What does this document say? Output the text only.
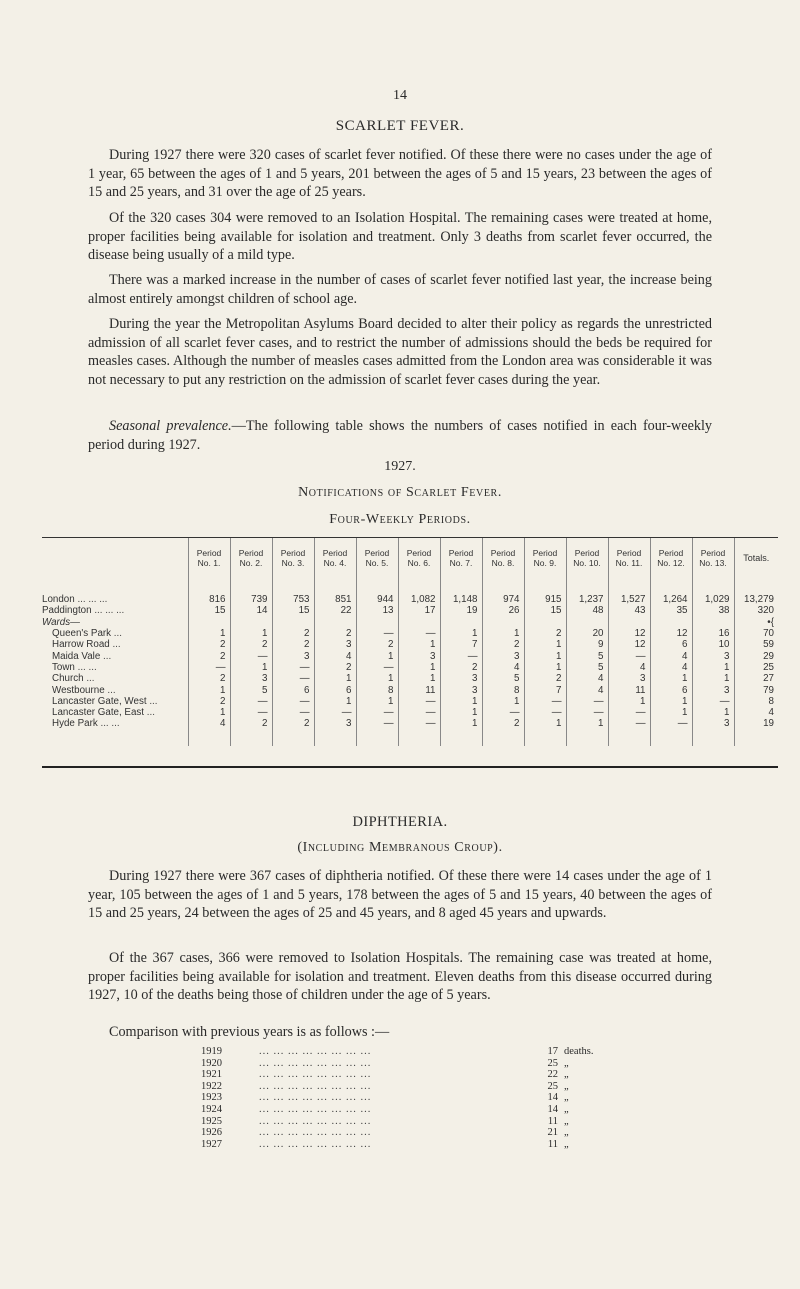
14
SCARLET FEVER.

During 1927 there were 320 cases of scarlet fever notified. Of these there were no cases under the age of 1 year, 65 between the ages of 1 and 5 years, 201 between the ages of 5 and 15 years, 23 between the ages of 15 and 25 years, and 31 over the age of 25 years.

Of the 320 cases 304 were removed to an Isolation Hospital. The remaining cases were treated at home, proper facilities being available for isolation and treatment. Only 3 deaths from scarlet fever occurred, the disease being usually of a mild type.

There was a marked increase in the number of cases of scarlet fever notified last year, the increase being almost entirely amongst children of school age.

During the year the Metropolitan Asylums Board decided to alter their policy as regards the unrestricted admission of all scarlet fever cases, and to restrict the number of admissions should the beds be required for measles cases. Although the number of measles cases admitted from the London area was considerable it was not necessary to put any restriction on the admission of scarlet fever cases during the year.

Seasonal prevalence.—The following table shows the numbers of cases notified in each four-weekly period during 1927.

1927.
Notifications of Scarlet Fever.
Four-Weekly Periods.
	Period No. 1.	Period No. 2.	Period No. 3.	Period No. 4.	Period No. 5.	Period No. 6.	Period No. 7.	Period No. 8.	Period No. 9.	Period No. 10.	Period No. 11.	Period No. 12.	Period No. 13.	Totals.

London ... ... ...	816	739	753	851	944	1,082	1,148	974	915	1,237	1,527	1,264	1,029	13,279
Paddington ... ... ...	15	14	15	22	13	17	19	26	15	48	43	35	38	320
Wards—														•{
Queen's Park ...	1	1	2	2	—	—	1	1	2	20	12	12	16	70
Harrow Road ...	2	2	2	3	2	1	7	2	1	9	12	6	10	59
Maida Vale ...	2	—	3	4	1	3	—	3	1	5	—	4	3	29
Town ... ...	—	1	—	2	—	1	2	4	1	5	4	4	1	25
Church ...	2	3	—	1	1	1	3	5	2	4	3	1	1	27
Westbourne ...	1	5	6	6	8	11	3	8	7	4	11	6	3	79
Lancaster Gate, West ...	2	—	—	1	1	—	1	1	—	—	1	1	—	8
Lancaster Gate, East ...	1	—	—	—	—	—	1	—	—	—	—	1	1	4
Hyde Park ... ...	4	2	2	3	—	—	1	2	1	1	—	—	3	19

DIPHTHERIA.
(Including Membranous Croup).

During 1927 there were 367 cases of diphtheria notified. Of these there were 14 cases under the age of 1 year, 105 between the ages of 1 and 5 years, 178 between the ages of 5 and 15 years, 40 between the ages of 15 and 25 years, 24 between the ages of 25 and 45 years, and 8 aged 45 years and upwards.

Of the 367 cases, 366 were removed to Isolation Hospitals. The remaining case was treated at home, proper facilities being available for isolation and treatment. Eleven deaths from this disease occurred during 1927, 10 of the deaths being those of children under the age of 5 years.

Comparison with previous years is as follows :—

1919	... ... ... ... ... ... ... ...	17 deaths.
1920	... ... ... ... ... ... ... ...	25 „
1921	... ... ... ... ... ... ... ...	22 „
1922	... ... ... ... ... ... ... ...	25 „
1923	... ... ... ... ... ... ... ...	14 „
1924	... ... ... ... ... ... ... ...	14 „
1925	... ... ... ... ... ... ... ...	11 „
1926	... ... ... ... ... ... ... ...	21 „
1927	... ... ... ... ... ... ... ...	11 „
